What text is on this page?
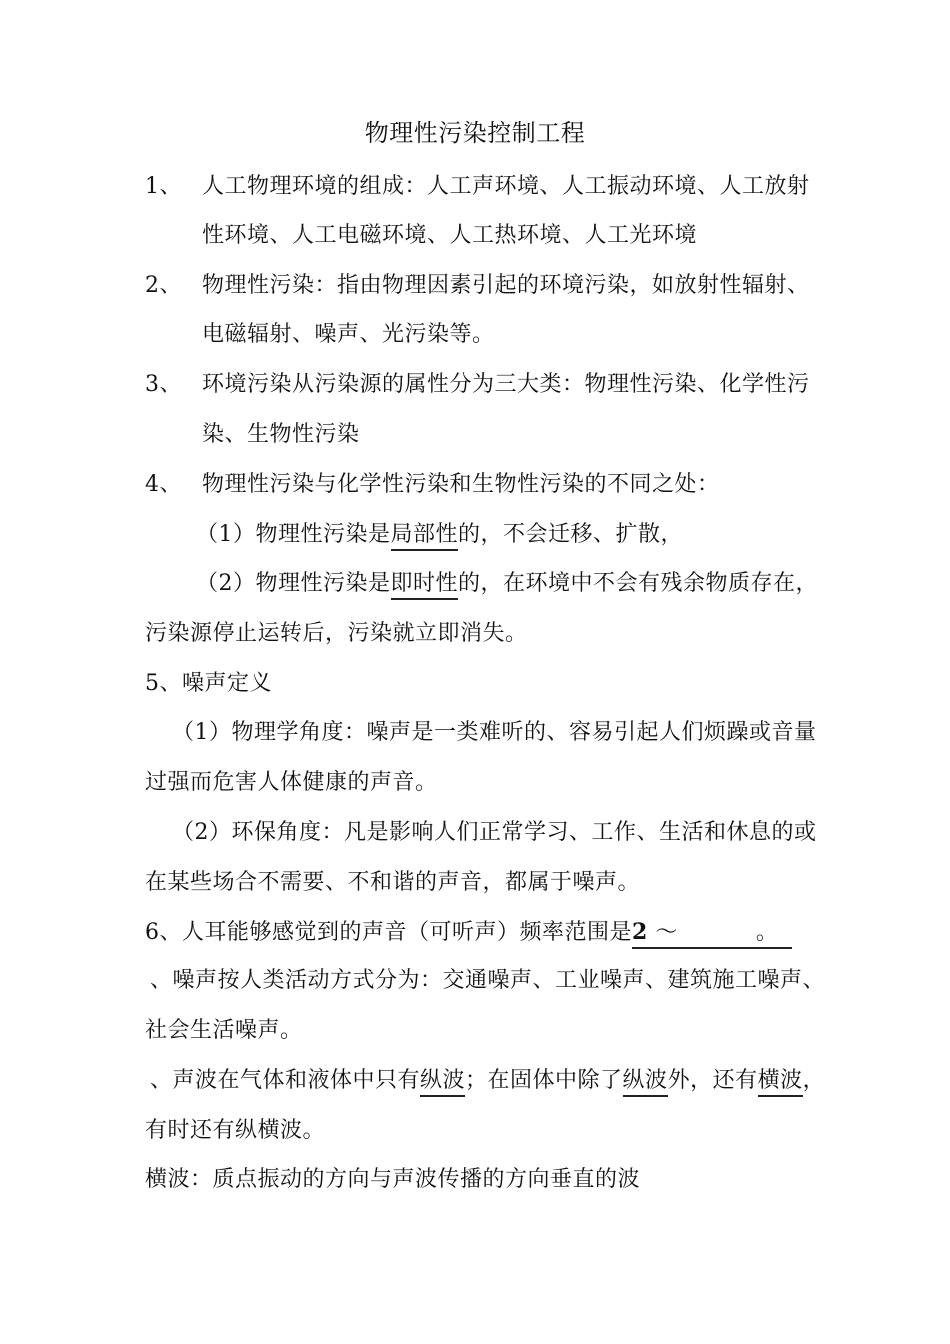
物理性污染控制工程
1、 人工物理环境的组成：人工声环境、人工振动环境、人工放射
性环境、人工电磁环境、人工热环境、人工光环境
2、 物理性污染：指由物理因素引起的环境污染，如放射性辐射、
电磁辐射、噪声、光污染等。
3、 环境污染从污染源的属性分为三大类：物理性污染、化学性污
染、生物性污染
4、 物理性污染与化学性污染和生物性污染的不同之处：
（1）物理性污染是局部性的，不会迁移、扩散，
（2）物理性污染是即时性的，在环境中不会有残余物质存在，
污染源停止运转后，污染就立即消失。
5、噪声定义
（1）物理学角度：噪声是一类难听的、容易引起人们烦躁或音量
过强而危害人体健康的声音。
（2）环保角度：凡是影响人们正常学习、工作、生活和休息的或
在某些场合不需要、不和谐的声音，都属于噪声。
6、人耳能够感觉到的声音（可听声）频率范围是2 ～	。
、噪声按人类活动方式分为：交通噪声、工业噪声、建筑施工噪声、
社会生活噪声。
、声波在气体和液体中只有纵波；在固体中除了纵波外，还有横波，
有时还有纵横波。
横波：质点振动的方向与声波传播的方向垂直的波
